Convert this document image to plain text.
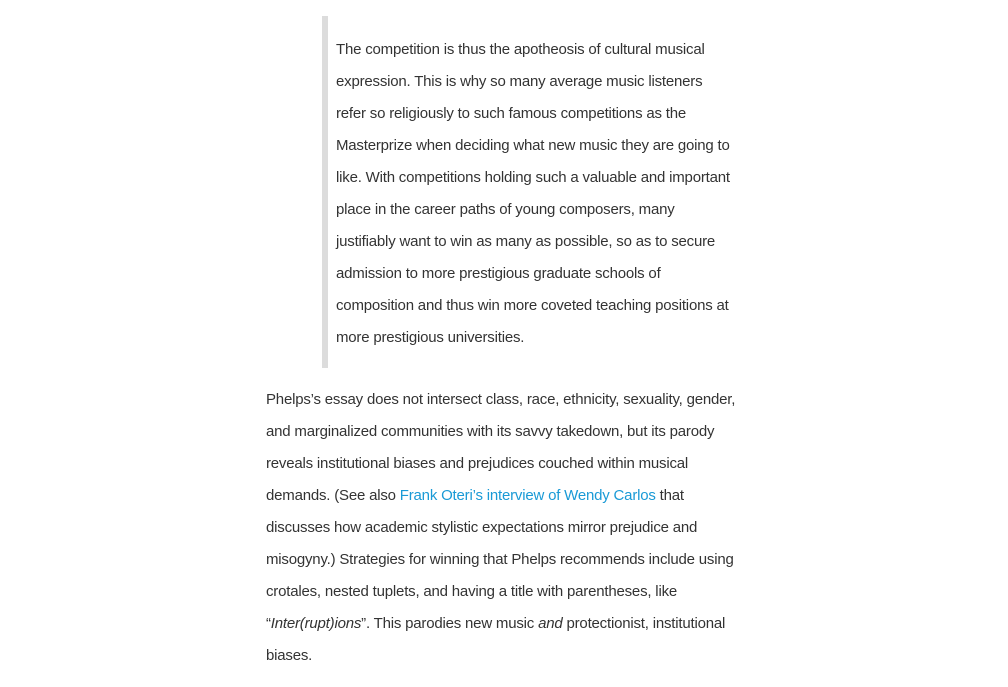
The competition is thus the apotheosis of cultural musical expression. This is why so many average music listeners refer so religiously to such famous competitions as the Masterprize when deciding what new music they are going to like. With competitions holding such a valuable and important place in the career paths of young composers, many justifiably want to win as many as possible, so as to secure admission to more prestigious graduate schools of composition and thus win more coveted teaching positions at more prestigious universities.

Phelps’s essay does not intersect class, race, ethnicity, sexuality, gender, and marginalized communities with its savvy takedown, but its parody reveals institutional biases and prejudices couched within musical demands. (See also Frank Oteri’s interview of Wendy Carlos that discusses how academic stylistic expectations mirror prejudice and misogyny.) Strategies for winning that Phelps recommends include using crotales, nested tuplets, and having a title with parentheses, like “Inter(rupt)ions”. This parodies new music and protectionist, institutional biases.
